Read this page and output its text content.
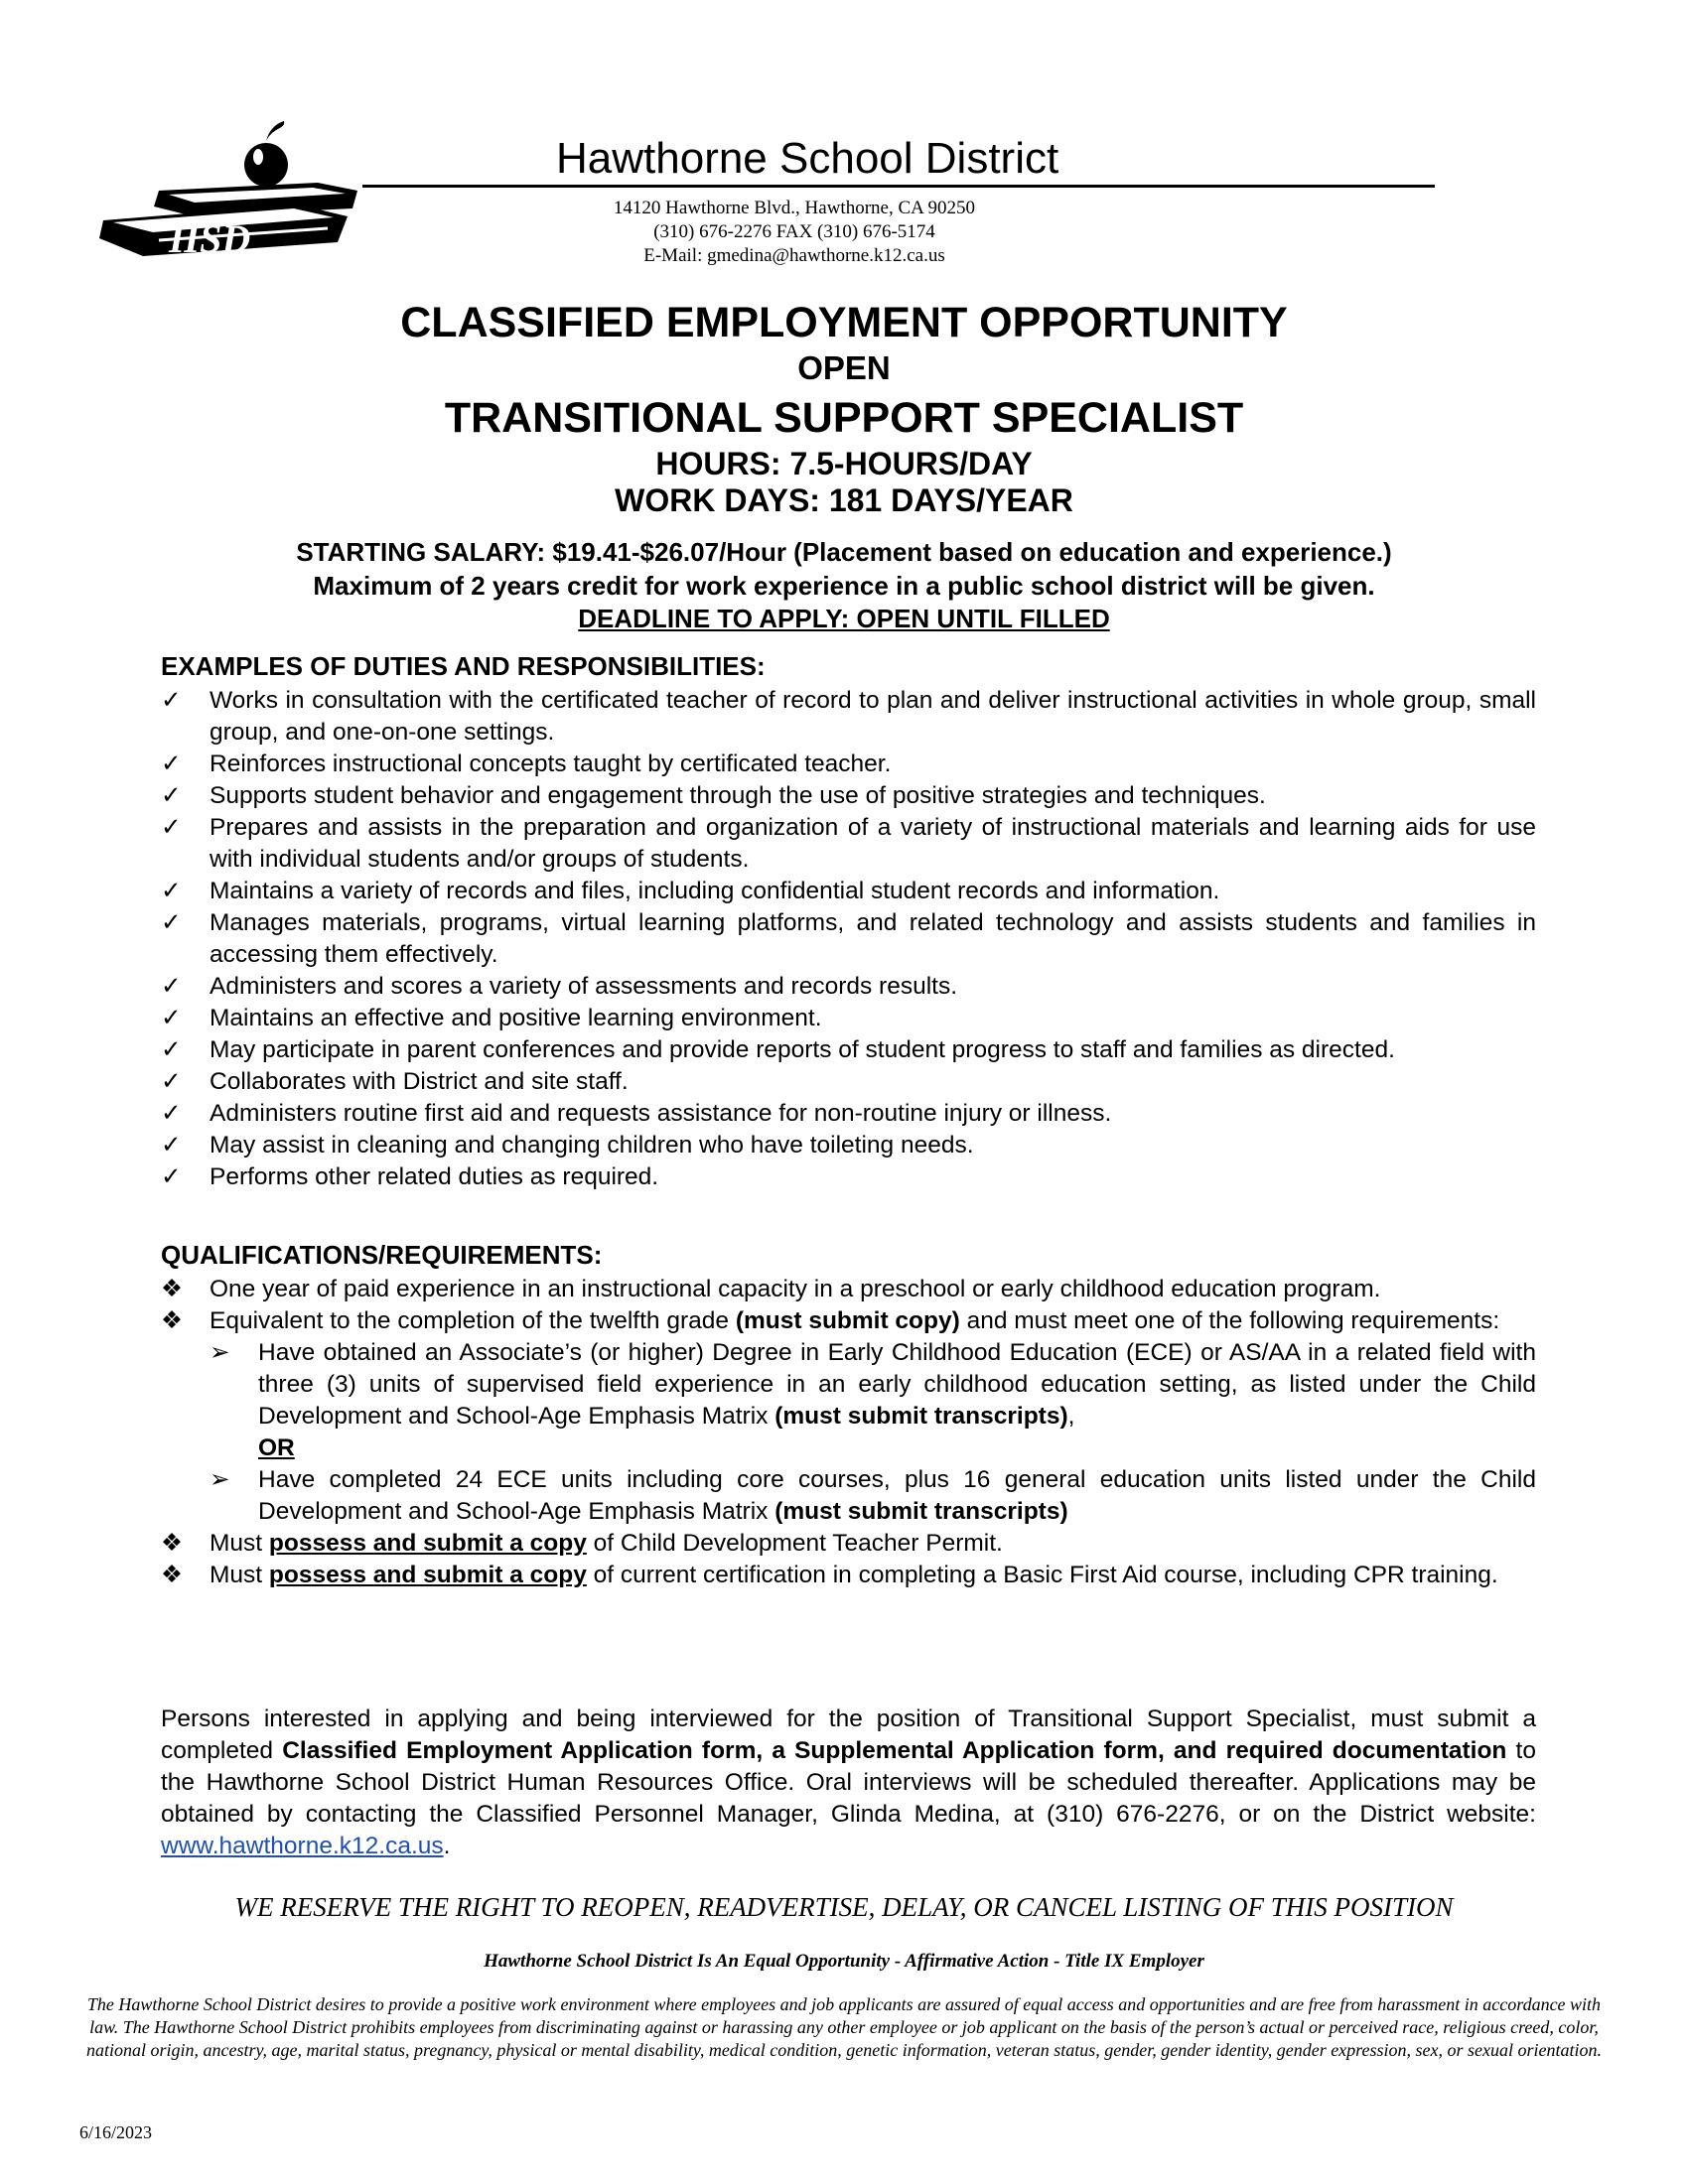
HSD
Hawthorne School District
14120 Hawthorne Blvd., Hawthorne, CA 90250
(310) 676-2276 FAX (310) 676-5174
E-Mail: gmedina@hawthorne.k12.ca.us
CLASSIFIED EMPLOYMENT OPPORTUNITY
OPEN
TRANSITIONAL SUPPORT SPECIALIST
HOURS: 7.5-HOURS/DAY
WORK DAYS: 181 DAYS/YEAR
STARTING SALARY: $19.41-$26.07/Hour (Placement based on education and experience.)
Maximum of 2 years credit for work experience in a public school district will be given.
DEADLINE TO APPLY: OPEN UNTIL FILLED
EXAMPLES OF DUTIES AND RESPONSIBILITIES:
✓	Works in consultation with the certificated teacher of record to plan and deliver instructional activities in whole group, small group, and one-on-one settings.
✓	Reinforces instructional concepts taught by certificated teacher.
✓	Supports student behavior and engagement through the use of positive strategies and techniques.
✓	Prepares and assists in the preparation and organization of a variety of instructional materials and learning aids for use with individual students and/or groups of students.
✓	Maintains a variety of records and files, including confidential student records and information.
✓	Manages materials, programs, virtual learning platforms, and related technology and assists students and families in accessing them effectively.
✓	Administers and scores a variety of assessments and records results.
✓	Maintains an effective and positive learning environment.
✓	May participate in parent conferences and provide reports of student progress to staff and families as directed.
✓	Collaborates with District and site staff.
✓	Administers routine first aid and requests assistance for non-routine injury or illness.
✓	May assist in cleaning and changing children who have toileting needs.
✓	Performs other related duties as required.
QUALIFICATIONS/REQUIREMENTS:
❖	One year of paid experience in an instructional capacity in a preschool or early childhood education program.
❖	Equivalent to the completion of the twelfth grade (must submit copy) and must meet one of the following requirements:
➢	Have obtained an Associate’s (or higher) Degree in Early Childhood Education (ECE) or AS/AA in a related field with three (3) units of supervised field experience in an early childhood education setting, as listed under the Child Development and School-Age Emphasis Matrix (must submit transcripts),
OR
➢	Have completed 24 ECE units including core courses, plus 16 general education units listed under the Child Development and School-Age Emphasis Matrix (must submit transcripts)
❖	Must possess and submit a copy of Child Development Teacher Permit.
❖	Must possess and submit a copy of current certification in completing a Basic First Aid course, including CPR training.
Persons interested in applying and being interviewed for the position of Transitional Support Specialist, must submit a completed Classified Employment Application form, a Supplemental Application form, and required documentation to the Hawthorne School District Human Resources Office. Oral interviews will be scheduled thereafter. Applications may be obtained by contacting the Classified Personnel Manager, Glinda Medina, at (310) 676-2276, or on the District website: www.hawthorne.k12.ca.us.
WE RESERVE THE RIGHT TO REOPEN, READVERTISE, DELAY, OR CANCEL LISTING OF THIS POSITION
Hawthorne School District Is An Equal Opportunity - Affirmative Action - Title IX Employer
The Hawthorne School District desires to provide a positive work environment where employees and job applicants are assured of equal access and opportunities and are free from harassment in accordance with law. The Hawthorne School District prohibits employees from discriminating against or harassing any other employee or job applicant on the basis of the person’s actual or perceived race, religious creed, color, national origin, ancestry, age, marital status, pregnancy, physical or mental disability, medical condition, genetic information, veteran status, gender, gender identity, gender expression, sex, or sexual orientation.
6/16/2023
